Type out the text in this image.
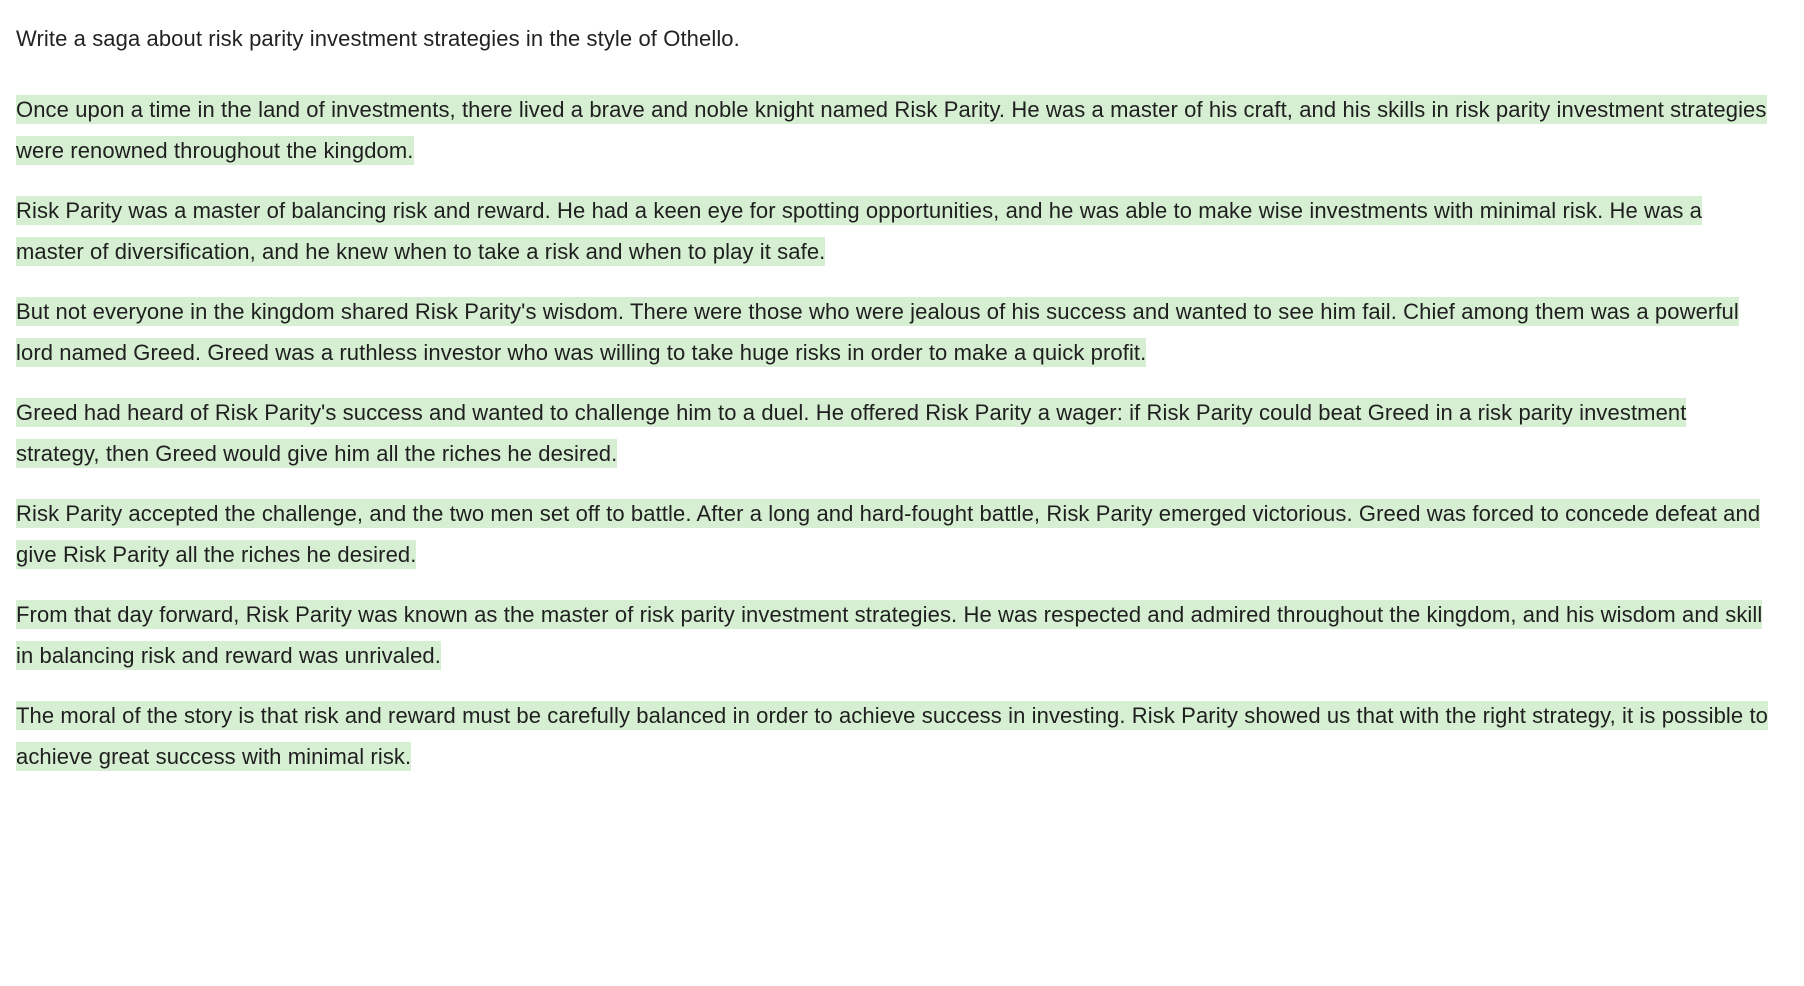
Write a saga about risk parity investment strategies in the style of Othello.

Once upon a time in the land of investments, there lived a brave and noble knight named Risk Parity. He was a master of his craft, and his skills in risk parity investment strategies were renowned throughout the kingdom.

Risk Parity was a master of balancing risk and reward. He had a keen eye for spotting opportunities, and he was able to make wise investments with minimal risk. He was a master of diversification, and he knew when to take a risk and when to play it safe.

But not everyone in the kingdom shared Risk Parity's wisdom. There were those who were jealous of his success and wanted to see him fail. Chief among them was a powerful lord named Greed. Greed was a ruthless investor who was willing to take huge risks in order to make a quick profit.

Greed had heard of Risk Parity's success and wanted to challenge him to a duel. He offered Risk Parity a wager: if Risk Parity could beat Greed in a risk parity investment strategy, then Greed would give him all the riches he desired.

Risk Parity accepted the challenge, and the two men set off to battle. After a long and hard-fought battle, Risk Parity emerged victorious. Greed was forced to concede defeat and give Risk Parity all the riches he desired.

From that day forward, Risk Parity was known as the master of risk parity investment strategies. He was respected and admired throughout the kingdom, and his wisdom and skill in balancing risk and reward was unrivaled.

The moral of the story is that risk and reward must be carefully balanced in order to achieve success in investing. Risk Parity showed us that with the right strategy, it is possible to achieve great success with minimal risk.
